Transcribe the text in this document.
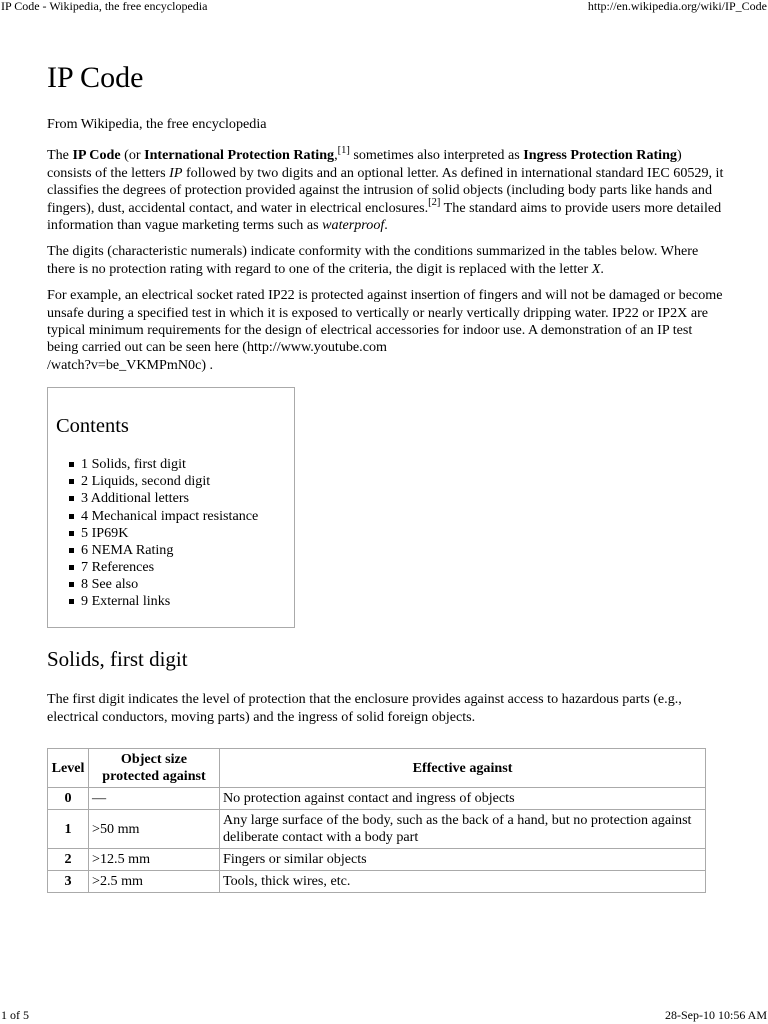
IP Code - Wikipedia, the free encyclopedia	http://en.wikipedia.org/wiki/IP_Code
IP Code
From Wikipedia, the free encyclopedia

The IP Code (or International Protection Rating,[1] sometimes also interpreted as Ingress Protection Rating) consists of the letters IP followed by two digits and an optional letter. As defined in international standard IEC 60529, it classifies the degrees of protection provided against the intrusion of solid objects (including body parts like hands and fingers), dust, accidental contact, and water in electrical enclosures.[2] The standard aims to provide users more detailed information than vague marketing terms such as waterproof.

The digits (characteristic numerals) indicate conformity with the conditions summarized in the tables below. Where there is no protection rating with regard to one of the criteria, the digit is replaced with the letter X.

For example, an electrical socket rated IP22 is protected against insertion of fingers and will not be damaged or become unsafe during a specified test in which it is exposed to vertically or nearly vertically dripping water. IP22 or IP2X are typical minimum requirements for the design of electrical accessories for indoor use. A demonstration of an IP test being carried out can be seen here (http://www.youtube.com
/watch?v=be_VKMPmN0c) .

Contents
1 Solids, first digit
2 Liquids, second digit
3 Additional letters
4 Mechanical impact resistance
5 IP69K
6 NEMA Rating
7 References
8 See also
9 External links
Solids, first digit

The first digit indicates the level of protection that the enclosure provides against access to hazardous parts (e.g., electrical conductors, moving parts) and the ingress of solid foreign objects.

Level	Object size protected against	Effective against
0	—	No protection against contact and ingress of objects
1	>50 mm	Any large surface of the body, such as the back of a hand, but no protection against deliberate contact with a body part
2	>12.5 mm	Fingers or similar objects
3	>2.5 mm	Tools, thick wires, etc.
1 of 5	28-Sep-10 10:56 AM
